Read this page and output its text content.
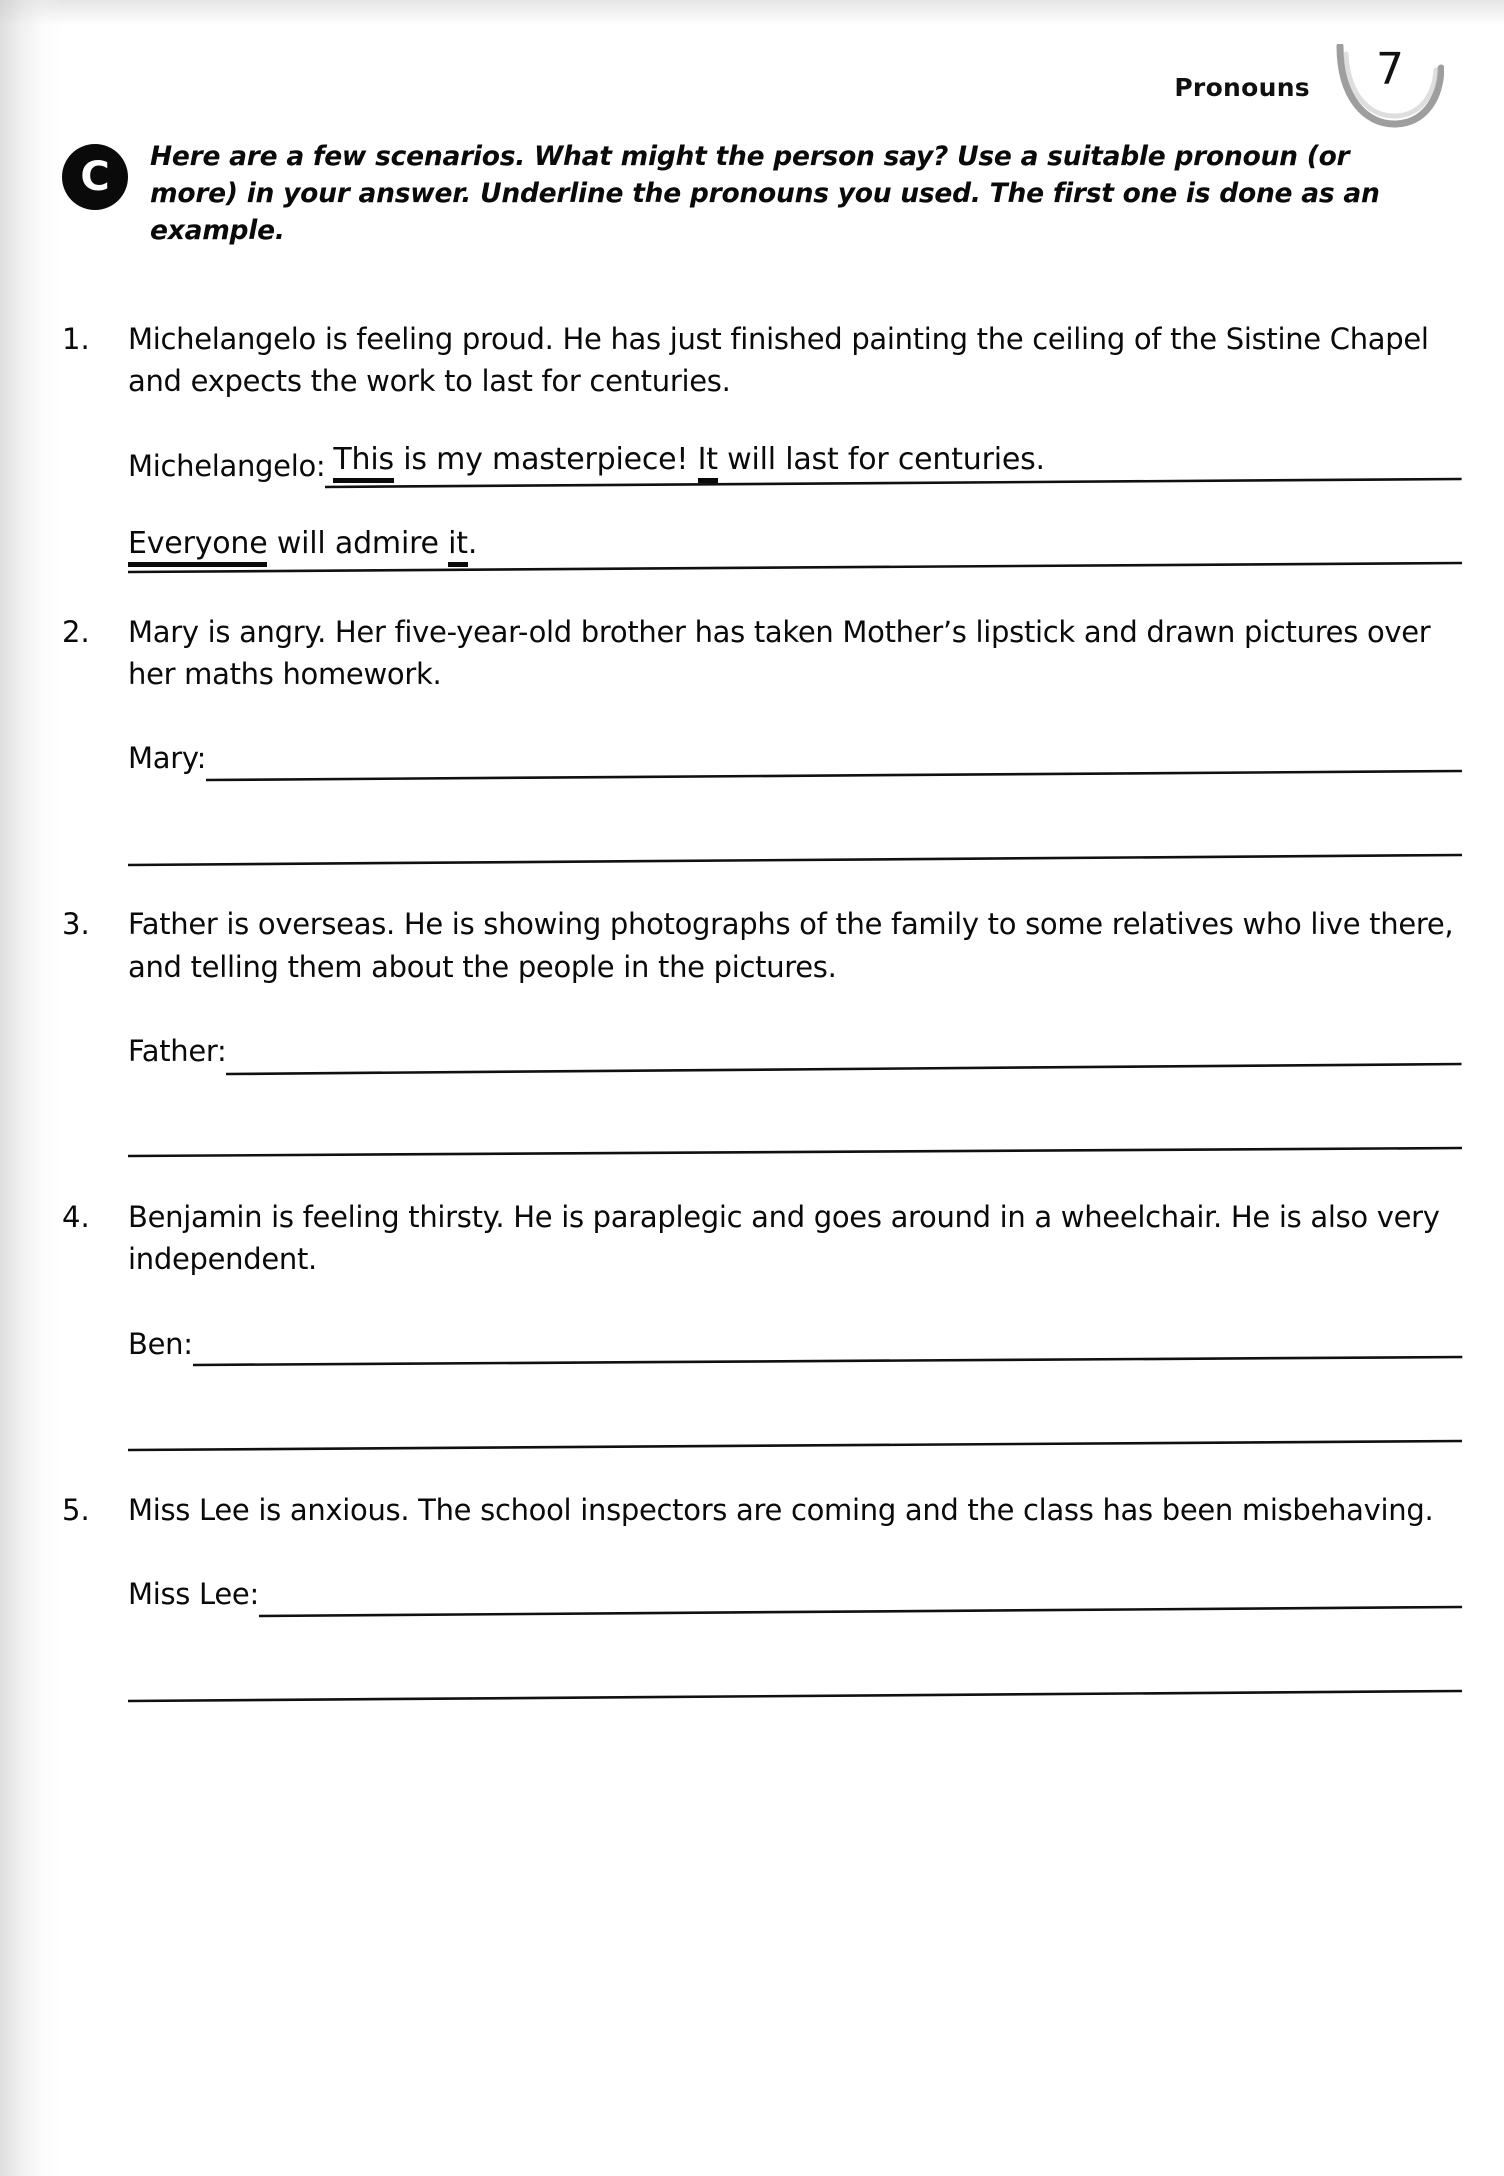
Pronouns	7
C	Here are a few scenarios. What might the person say? Use a suitable pronoun (or more) in your answer. Underline the pronouns you used. The first one is done as an example.
1.	Michelangelo is feeling proud. He has just finished painting the ceiling of the Sistine Chapel and expects the work to last for centuries.
Michelangelo: This is my masterpiece! It will last for centuries.
Everyone will admire it.
2.	Mary is angry. Her five-year-old brother has taken Mother’s lipstick and drawn pictures over her maths homework.
Mary:
3.	Father is overseas. He is showing photographs of the family to some relatives who live there, and telling them about the people in the pictures.
Father:
4.	Benjamin is feeling thirsty. He is paraplegic and goes around in a wheelchair. He is also very independent.
Ben:
5.	Miss Lee is anxious. The school inspectors are coming and the class has been misbehaving.
Miss Lee:
